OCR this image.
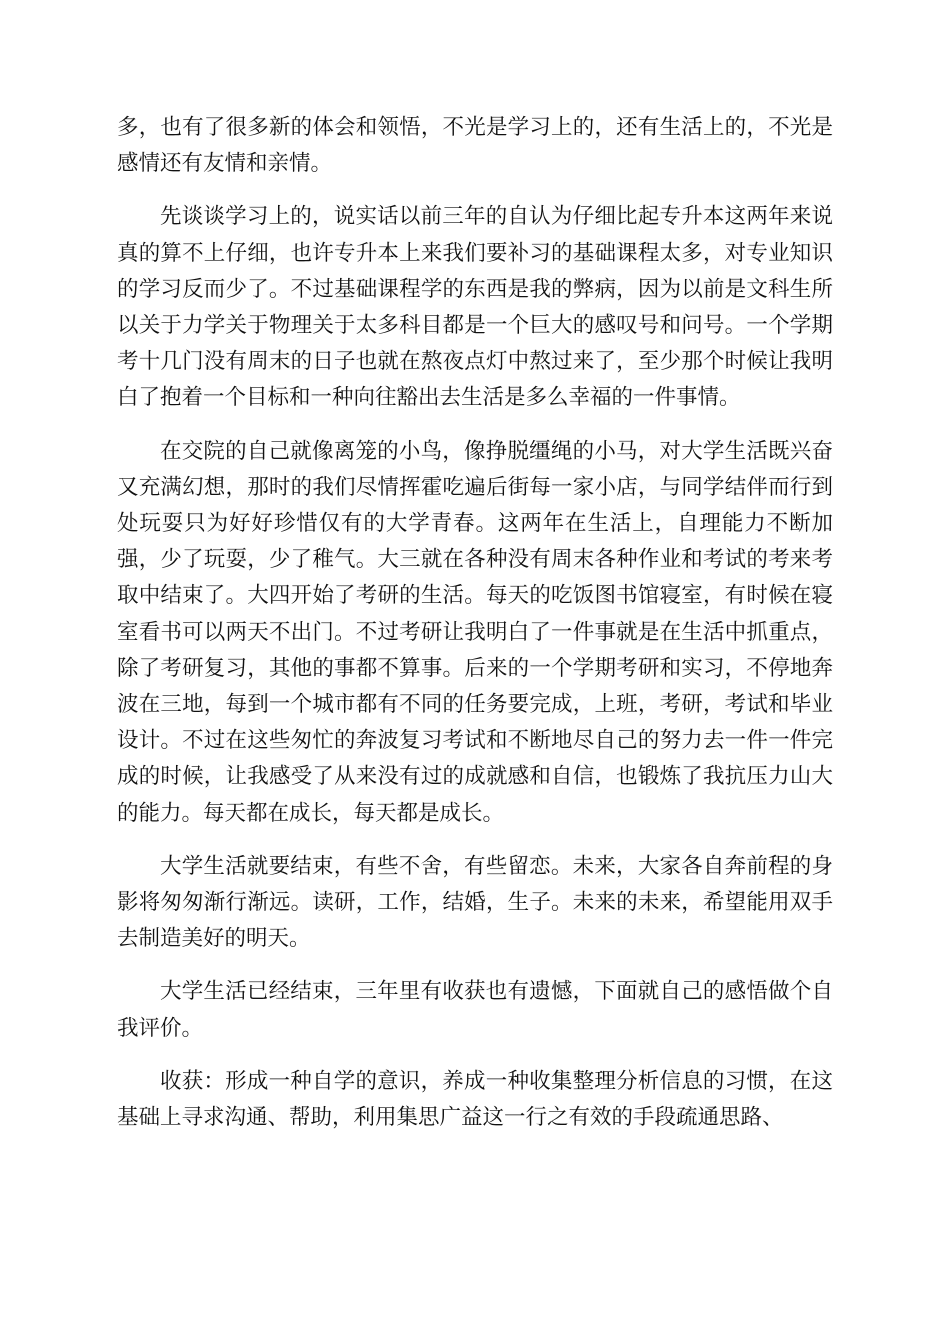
多，也有了很多新的体会和领悟，不光是学习上的，还有生活上的，不光是感情还有友情和亲情。

先谈谈学习上的，说实话以前三年的自认为仔细比起专升本这两年来说真的算不上仔细，也许专升本上来我们要补习的基础课程太多，对专业知识的学习反而少了。不过基础课程学的东西是我的弊病，因为以前是文科生所以关于力学关于物理关于太多科目都是一个巨大的感叹号和问号。一个学期考十几门没有周末的日子也就在熬夜点灯中熬过来了，至少那个时候让我明白了抱着一个目标和一种向往豁出去生活是多么幸福的一件事情。

在交院的自己就像离笼的小鸟，像挣脱缰绳的小马，对大学生活既兴奋又充满幻想，那时的我们尽情挥霍吃遍后街每一家小店，与同学结伴而行到处玩耍只为好好珍惜仅有的大学青春。这两年在生活上，自理能力不断加强，少了玩耍，少了稚气。大三就在各种没有周末各种作业和考试的考来考取中结束了。大四开始了考研的生活。每天的吃饭图书馆寝室，有时候在寝室看书可以两天不出门。不过考研让我明白了一件事就是在生活中抓重点，除了考研复习，其他的事都不算事。后来的一个学期考研和实习，不停地奔波在三地，每到一个城市都有不同的任务要完成，上班，考研，考试和毕业设计。不过在这些匆忙的奔波复习考试和不断地尽自己的努力去一件一件完成的时候，让我感受了从来没有过的成就感和自信，也锻炼了我抗压力山大的能力。每天都在成长，每天都是成长。

大学生活就要结束，有些不舍，有些留恋。未来，大家各自奔前程的身影将匆匆渐行渐远。读研，工作，结婚，生子。未来的未来，希望能用双手去制造美好的明天。

大学生活已经结束，三年里有收获也有遗憾，下面就自己的感悟做个自我评价。

收获：形成一种自学的意识，养成一种收集整理分析信息的习惯，在这基础上寻求沟通、帮助，利用集思广益这一行之有效的手段疏通思路、
